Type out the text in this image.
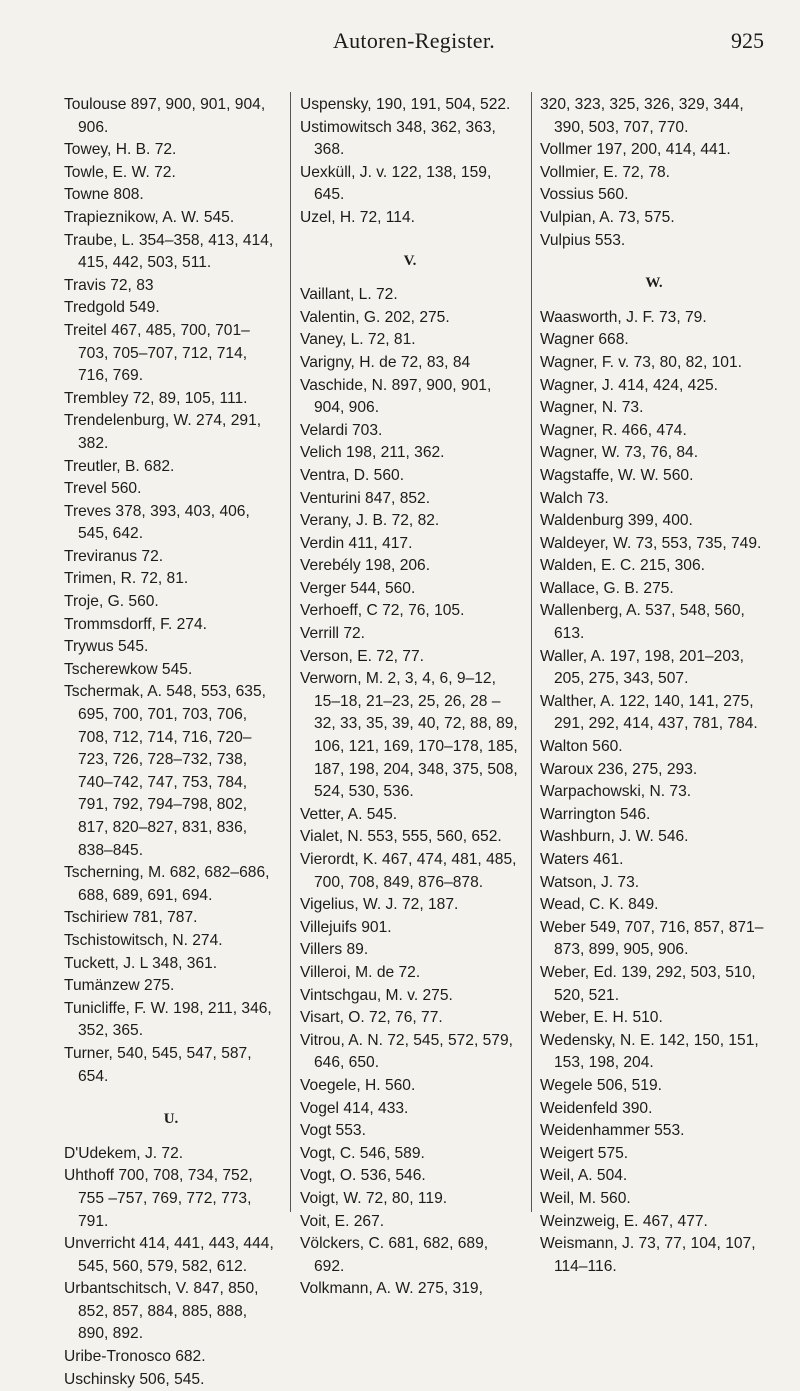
Autoren-Register.	925
Toulouse 897, 900, 901, 904, 906.
Towey, H. B. 72.
Towle, E. W. 72.
Towne 808.
Trapieznikow, A. W. 545.
Traube, L. 354–358, 413, 414, 415, 442, 503, 511.
Travis 72, 83
Tredgold 549.
Treitel 467, 485, 700, 701–703, 705–707, 712, 714, 716, 769.
Trembley 72, 89, 105, 111.
Trendelenburg, W. 274, 291, 382.
Treutler, B. 682.
Trevel 560.
Treves 378, 393, 403, 406, 545, 642.
Treviranus 72.
Trimen, R. 72, 81.
Troje, G. 560.
Trommsdorff, F. 274.
Trywus 545.
Tscherewkow 545.
Tschermak, A. 548, 553, 635, 695, 700, 701, 703, 706, 708, 712, 714, 716, 720–723, 726, 728–732, 738, 740–742, 747, 753, 784, 791, 792, 794–798, 802, 817, 820–827, 831, 836, 838–845.
Tscherning, M. 682, 682–686, 688, 689, 691, 694.
Tschiriew 781, 787.
Tschistowitsch, N. 274.
Tuckett, J. L 348, 361.
Tumänzew 275.
Tunicliffe, F. W. 198, 211, 346, 352, 365.
Turner, 540, 545, 547, 587, 654.
U.
D'Udekem, J. 72.
Uhthoff 700, 708, 734, 752, 755 –757, 769, 772, 773, 791.
Unverricht 414, 441, 443, 444, 545, 560, 579, 582, 612.
Urbantschitsch, V. 847, 850, 852, 857, 884, 885, 888, 890, 892.
Uribe-Tronosco 682.
Uschinsky 506, 545.
Uspensky, 190, 191, 504, 522.
Ustimowitsch 348, 362, 363, 368.
Uexküll, J. v. 122, 138, 159, 645.
Uzel, H. 72, 114.
V.
Vaillant, L. 72.
Valentin, G. 202, 275.
Vaney, L. 72, 81.
Varigny, H. de 72, 83, 84
Vaschide, N. 897, 900, 901, 904, 906.
Velardi 703.
Velich 198, 211, 362.
Ventra, D. 560.
Venturini 847, 852.
Verany, J. B. 72, 82.
Verdin 411, 417.
Verebély 198, 206.
Verger 544, 560.
Verhoeff, C 72, 76, 105.
Verrill 72.
Verson, E. 72, 77.
Verworn, M. 2, 3, 4, 6, 9–12, 15–18, 21–23, 25, 26, 28 –32, 33, 35, 39, 40, 72, 88, 89, 106, 121, 169, 170–178, 185, 187, 198, 204, 348, 375, 508, 524, 530, 536.
Vetter, A. 545.
Vialet, N. 553, 555, 560, 652.
Vierordt, K. 467, 474, 481, 485, 700, 708, 849, 876–878.
Vigelius, W. J. 72, 187.
Villejuifs 901.
Villers 89.
Villeroi, M. de 72.
Vintschgau, M. v. 275.
Visart, O. 72, 76, 77.
Vitrou, A. N. 72, 545, 572, 579, 646, 650.
Voegele, H. 560.
Vogel 414, 433.
Vogt 553.
Vogt, C. 546, 589.
Vogt, O. 536, 546.
Voigt, W. 72, 80, 119.
Voit, E. 267.
Völckers, C. 681, 682, 689, 692.
Volkmann, A. W. 275, 319,
320, 323, 325, 326, 329, 344, 390, 503, 707, 770.
Vollmer 197, 200, 414, 441.
Vollmier, E. 72, 78.
Vossius 560.
Vulpian, A. 73, 575.
Vulpius 553.
W.
Waasworth, J. F. 73, 79.
Wagner 668.
Wagner, F. v. 73, 80, 82, 101.
Wagner, J. 414, 424, 425.
Wagner, N. 73.
Wagner, R. 466, 474.
Wagner, W. 73, 76, 84.
Wagstaffe, W. W. 560.
Walch 73.
Waldenburg 399, 400.
Waldeyer, W. 73, 553, 735, 749.
Walden, E. C. 215, 306.
Wallace, G. B. 275.
Wallenberg, A. 537, 548, 560, 613.
Waller, A. 197, 198, 201–203, 205, 275, 343, 507.
Walther, A. 122, 140, 141, 275, 291, 292, 414, 437, 781, 784.
Walton 560.
Waroux 236, 275, 293.
Warpachowski, N. 73.
Warrington 546.
Washburn, J. W. 546.
Waters 461.
Watson, J. 73.
Wead, C. K. 849.
Weber 549, 707, 716, 857, 871–873, 899, 905, 906.
Weber, Ed. 139, 292, 503, 510, 520, 521.
Weber, E. H. 510.
Wedensky, N. E. 142, 150, 151, 153, 198, 204.
Wegele 506, 519.
Weidenfeld 390.
Weidenhammer 553.
Weigert 575.
Weil, A. 504.
Weil, M. 560.
Weinzweig, E. 467, 477.
Weismann, J. 73, 77, 104, 107, 114–116.
